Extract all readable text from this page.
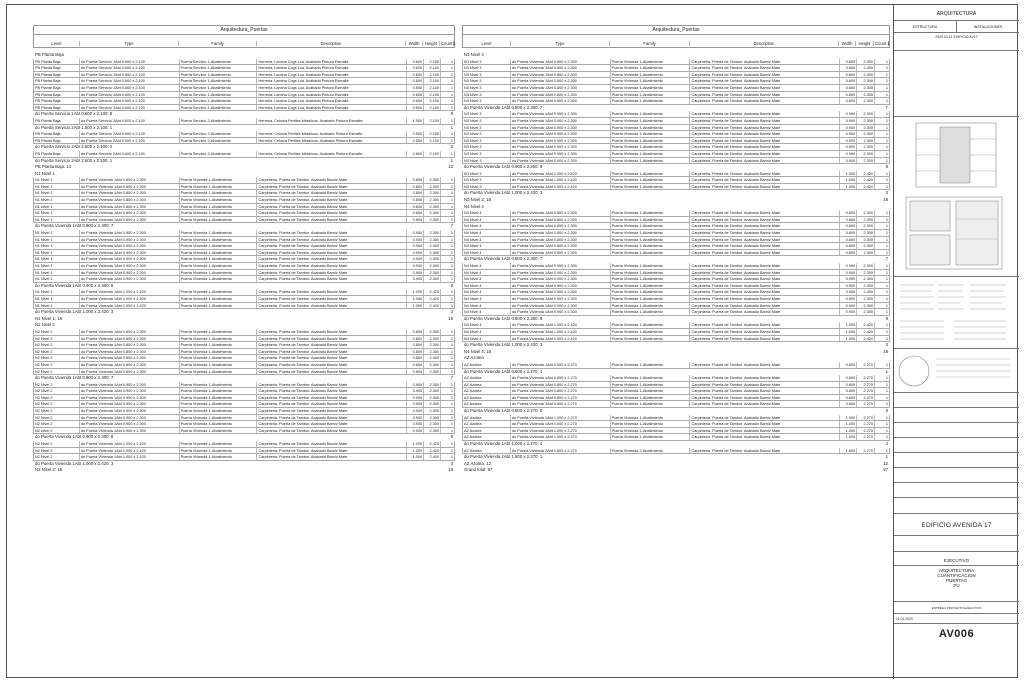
Arquitectura_Puertas
Level	Type	Family	Description	Width	Height Count 1
PB Planta Baja
PB Planta Baja	do Puerta Servicio 1Abt 0.600 x 2.100	Puerta Servicio 1-Abatimiento	Herreria. Lamina Cogs Lca. Acabado Pintura Esmalte	0.600	2.100	1
PB Planta Baja	do Puerta Servicio 1Abt 0.600 x 2.100	Puerta Servicio 1-Abatimiento	Herreria. Lamina Cogs Lca. Acabado Pintura Esmalte	0.600	2.100	1
PB Planta Baja	do Puerta Servicio 1Abt 0.600 x 2.100	Puerta Servicio 1-Abatimiento	Herreria. Lamina Cogs Lca. Acabado Pintura Esmalte	0.600	2.100	1
PB Planta Baja	do Puerta Servicio 1Abt 0.600 x 2.100	Puerta Servicio 1-Abatimiento	Herreria. Lamina Cogs Lca. Acabado Pintura Esmalte	0.600	2.100	1
PB Planta Baja	do Puerta Servicio 1Abt 0.600 x 2.100	Puerta Servicio 1-Abatimiento	Herreria. Lamina Cogs Lca. Acabado Pintura Esmalte	0.600	2.100	1
PB Planta Baja	do Puerta Servicio 1Abt 0.600 x 2.100	Puerta Servicio 1-Abatimiento	Herreria. Lamina Cogs Lca. Acabado Pintura Esmalte	0.600	2.100	1
PB Planta Baja	do Puerta Servicio 1Abt 0.600 x 2.100	Puerta Servicio 1-Abatimiento	Herreria. Lamina Cogs Lca. Acabado Pintura Esmalte	0.600	2.100	1
PB Planta Baja	do Puerta Servicio 1Abt 0.600 x 2.100	Puerta Servicio 1-Abatimiento	Herreria. Lamina Cogs Lca. Acabado Pintura Esmalte	0.600	2.100	1
do Puerta Servicio 1Abt 0.600 x 2.100: 8	8
PB Planta Baja	do Puerta Servicio 2Abt 0.600 x 2.100	Puerta Servicio 2-Abatimiento	Herreria. Celosia Perfiles Metalicos. Acabado Pintura Esmalte	1.500	2.100	1
do Puerta Servicio 2Abt 1.500 x 2.100: 1	1
PB Planta Baja	do Puerta Servicio 2Abt 0.600 x 2.100	Puerta Servicio 2-Abatimiento	Herreria. Celosia Perfiles Metalicos. Acabado Pintura Esmalte	2.500	2.100	1
PB Planta Baja	do Puerta Servicio 2Abt 0.600 x 2.100	Puerta Servicio 2-Abatimiento	Herreria. Celosia Perfiles Metalicos. Acabado Pintura Esmalte	2.500	2.100	1
do Puerta Servicio 2Abt 2.500 x 2.100: 2	2
PB Planta Baja	do Puerta Servicio 2Abt 0.600 x 2.100	Puerta Servicio 2-Abatimiento	Herreria. Celosia Perfiles Metalicos. Acabado Pintura Esmalte	2.600	2.100	1
do Puerta Servicio 2Abt 2.600 x 2.100: 1	1
PB Planta Baja: 13	13
N1 Nivel 1
N1 Nivel 1	do Puerta Vivienda 1Abt 0.800 x 2.300	Puerta Vivienda 1-Abatimiento	Carpinteria. Puerta de Tambor. Acabado Barniz Mate	0.800	2.300	1
N1 Nivel 1	do Puerta Vivienda 1Abt 0.800 x 2.300	Puerta Vivienda 1-Abatimiento	Carpinteria. Puerta de Tambor. Acabado Barniz Mate	0.800	2.300	1
N1 Nivel 1	do Puerta Vivienda 1Abt 0.800 x 2.300	Puerta Vivienda 1-Abatimiento	Carpinteria. Puerta de Tambor. Acabado Barniz Mate	0.800	2.300	1
N1 Nivel 1	do Puerta Vivienda 1Abt 0.800 x 2.300	Puerta Vivienda 1-Abatimiento	Carpinteria. Puerta de Tambor. Acabado Barniz Mate	0.800	2.300	1
N1 Nivel 1	do Puerta Vivienda 1Abt 0.800 x 2.300	Puerta Vivienda 1-Abatimiento	Carpinteria. Puerta de Tambor. Acabado Barniz Mate	0.800	2.300	1
N1 Nivel 1	do Puerta Vivienda 1Abt 0.800 x 2.300	Puerta Vivienda 1-Abatimiento	Carpinteria. Puerta de Tambor. Acabado Barniz Mate	0.800	2.300	1
N1 Nivel 1	do Puerta Vivienda 1Abt 0.800 x 2.300	Puerta Vivienda 1-Abatimiento	Carpinteria. Puerta de Tambor. Acabado Barniz Mate	0.800	2.300	1
do Puerta Vivienda 1Abt 0.800 x 2.300: 7	7
N1 Nivel 1	do Puerta Vivienda 1Abt 0.900 x 2.300	Puerta Vivienda 1-Abatimiento	Carpinteria. Puerta de Tambor. Acabado Barniz Mate	0.900	2.300	1
N1 Nivel 1	do Puerta Vivienda 1Abt 0.900 x 2.300	Puerta Vivienda 1-Abatimiento	Carpinteria. Puerta de Tambor. Acabado Barniz Mate	0.900	2.300	1
N1 Nivel 1	do Puerta Vivienda 1Abt 0.900 x 2.300	Puerta Vivienda 1-Abatimiento	Carpinteria. Puerta de Tambor. Acabado Barniz Mate	0.900	2.300	1
N1 Nivel 1	do Puerta Vivienda 1Abt 0.900 x 2.300	Puerta Vivienda 1-Abatimiento	Carpinteria. Puerta de Tambor. Acabado Barniz Mate	0.900	2.300	1
N1 Nivel 1	do Puerta Vivienda 1Abt 0.900 x 2.300	Puerta Vivienda 1-Abatimiento	Carpinteria. Puerta de Tambor. Acabado Barniz Mate	0.900	2.300	1
N1 Nivel 1	do Puerta Vivienda 1Abt 0.900 x 2.300	Puerta Vivienda 1-Abatimiento	Carpinteria. Puerta de Tambor. Acabado Barniz Mate	0.900	2.300	1
N1 Nivel 1	do Puerta Vivienda 1Abt 0.900 x 2.300	Puerta Vivienda 1-Abatimiento	Carpinteria. Puerta de Tambor. Acabado Barniz Mate	0.900	2.300	1
N1 Nivel 1	do Puerta Vivienda 1Abt 0.900 x 2.300	Puerta Vivienda 1-Abatimiento	Carpinteria. Puerta de Tambor. Acabado Barniz Mate	0.900	2.300	1
do Puerta Vivienda 1Abt 0.900 x 2.300: 8	8
N1 Nivel 1	do Puerta Vivienda 1Abt 1.000 x 2.420	Puerta Vivienda 1-Abatimiento	Carpinteria. Puerta de Tambor. Acabado Barniz Mate	1.000	2.420	1
N1 Nivel 1	do Puerta Vivienda 1Abt 1.000 x 2.420	Puerta Vivienda 1-Abatimiento	Carpinteria. Puerta de Tambor. Acabado Barniz Mate	1.000	2.420	1
N1 Nivel 1	do Puerta Vivienda 1Abt 1.000 x 2.420	Puerta Vivienda 1-Abatimiento	Carpinteria. Puerta de Tambor. Acabado Barniz Mate	1.000	2.420	1
do Puerta Vivienda 1Abt 1.000 x 2.420: 3	3
N1 Nivel 1: 18	18
N2 Nivel 2
N2 Nivel 2	do Puerta Vivienda 1Abt 0.800 x 2.300	Puerta Vivienda 1-Abatimiento	Carpinteria. Puerta de Tambor. Acabado Barniz Mate	0.800	2.300	1
N2 Nivel 2	do Puerta Vivienda 1Abt 0.800 x 2.300	Puerta Vivienda 1-Abatimiento	Carpinteria. Puerta de Tambor. Acabado Barniz Mate	0.800	2.300	1
N2 Nivel 2	do Puerta Vivienda 1Abt 0.800 x 2.300	Puerta Vivienda 1-Abatimiento	Carpinteria. Puerta de Tambor. Acabado Barniz Mate	0.800	2.300	1
N2 Nivel 2	do Puerta Vivienda 1Abt 0.800 x 2.300	Puerta Vivienda 1-Abatimiento	Carpinteria. Puerta de Tambor. Acabado Barniz Mate	0.800	2.300	1
N2 Nivel 2	do Puerta Vivienda 1Abt 0.800 x 2.300	Puerta Vivienda 1-Abatimiento	Carpinteria. Puerta de Tambor. Acabado Barniz Mate	0.800	2.300	1
N2 Nivel 2	do Puerta Vivienda 1Abt 0.800 x 2.300	Puerta Vivienda 1-Abatimiento	Carpinteria. Puerta de Tambor. Acabado Barniz Mate	0.800	2.300	1
N2 Nivel 2	do Puerta Vivienda 1Abt 0.800 x 2.300	Puerta Vivienda 1-Abatimiento	Carpinteria. Puerta de Tambor. Acabado Barniz Mate	0.800	2.300	1
do Puerta Vivienda 1Abt 0.800 x 2.300: 7	7
N2 Nivel 2	do Puerta Vivienda 1Abt 0.900 x 2.300	Puerta Vivienda 1-Abatimiento	Carpinteria. Puerta de Tambor. Acabado Barniz Mate	0.900	2.300	1
N2 Nivel 2	do Puerta Vivienda 1Abt 0.900 x 2.300	Puerta Vivienda 1-Abatimiento	Carpinteria. Puerta de Tambor. Acabado Barniz Mate	0.900	2.300	1
N2 Nivel 2	do Puerta Vivienda 1Abt 0.900 x 2.300	Puerta Vivienda 1-Abatimiento	Carpinteria. Puerta de Tambor. Acabado Barniz Mate	0.900	2.300	1
N2 Nivel 2	do Puerta Vivienda 1Abt 0.900 x 2.300	Puerta Vivienda 1-Abatimiento	Carpinteria. Puerta de Tambor. Acabado Barniz Mate	0.900	2.300	1
N2 Nivel 2	do Puerta Vivienda 1Abt 0.900 x 2.300	Puerta Vivienda 1-Abatimiento	Carpinteria. Puerta de Tambor. Acabado Barniz Mate	0.900	2.300	1
N2 Nivel 2	do Puerta Vivienda 1Abt 0.900 x 2.300	Puerta Vivienda 1-Abatimiento	Carpinteria. Puerta de Tambor. Acabado Barniz Mate	0.900	2.300	1
N2 Nivel 2	do Puerta Vivienda 1Abt 0.900 x 2.300	Puerta Vivienda 1-Abatimiento	Carpinteria. Puerta de Tambor. Acabado Barniz Mate	0.900	2.300	1
N2 Nivel 2	do Puerta Vivienda 1Abt 0.900 x 2.300	Puerta Vivienda 1-Abatimiento	Carpinteria. Puerta de Tambor. Acabado Barniz Mate	0.900	2.300	1
do Puerta Vivienda 1Abt 0.900 x 2.300: 8	8
N2 Nivel 2	do Puerta Vivienda 1Abt 1.000 x 2.420	Puerta Vivienda 1-Abatimiento	Carpinteria. Puerta de Tambor. Acabado Barniz Mate	1.000	2.420	1
N2 Nivel 2	do Puerta Vivienda 1Abt 1.000 x 2.420	Puerta Vivienda 1-Abatimiento	Carpinteria. Puerta de Tambor. Acabado Barniz Mate	1.000	2.420	1
N2 Nivel 2	do Puerta Vivienda 1Abt 1.000 x 2.420	Puerta Vivienda 1-Abatimiento	Carpinteria. Puerta de Tambor. Acabado Barniz Mate	1.000	2.420	1
do Puerta Vivienda 1Abt 1.000 x 2.420: 3	3
N2 Nivel 2: 18	18
Arquitectura_Puertas
Level	Type	Family	Description	Width	Height	Count 1
N3 Nivel 3
N3 Nivel 3	do Puerta Vivienda 1Abt 0.800 x 2.300	Puerta Vivienda 1-Abatimiento	Carpinteria. Puerta de Tambor. Acabado Barniz Mate	0.800	2.300	1
N3 Nivel 3	do Puerta Vivienda 1Abt 0.800 x 2.300	Puerta Vivienda 1-Abatimiento	Carpinteria. Puerta de Tambor. Acabado Barniz Mate	0.800	2.300	1
N3 Nivel 3	do Puerta Vivienda 1Abt 0.800 x 2.300	Puerta Vivienda 1-Abatimiento	Carpinteria. Puerta de Tambor. Acabado Barniz Mate	0.800	2.300	1
N3 Nivel 3	do Puerta Vivienda 1Abt 0.800 x 2.300	Puerta Vivienda 1-Abatimiento	Carpinteria. Puerta de Tambor. Acabado Barniz Mate	0.800	2.300	1
N3 Nivel 3	do Puerta Vivienda 1Abt 0.800 x 2.300	Puerta Vivienda 1-Abatimiento	Carpinteria. Puerta de Tambor. Acabado Barniz Mate	0.800	2.300	1
N3 Nivel 3	do Puerta Vivienda 1Abt 0.800 x 2.300	Puerta Vivienda 1-Abatimiento	Carpinteria. Puerta de Tambor. Acabado Barniz Mate	0.800	2.300	1
N3 Nivel 3	do Puerta Vivienda 1Abt 0.800 x 2.300	Puerta Vivienda 1-Abatimiento	Carpinteria. Puerta de Tambor. Acabado Barniz Mate	0.800	2.300	1
do Puerta Vivienda 1Abt 0.800 x 2.300: 7	7
N3 Nivel 3	do Puerta Vivienda 1Abt 0.900 x 2.300	Puerta Vivienda 1-Abatimiento	Carpinteria. Puerta de Tambor. Acabado Barniz Mate	0.900	2.300	1
N3 Nivel 3	do Puerta Vivienda 1Abt 0.900 x 2.300	Puerta Vivienda 1-Abatimiento	Carpinteria. Puerta de Tambor. Acabado Barniz Mate	0.900	2.300	1
N3 Nivel 3	do Puerta Vivienda 1Abt 0.900 x 2.300	Puerta Vivienda 1-Abatimiento	Carpinteria. Puerta de Tambor. Acabado Barniz Mate	0.900	2.300	1
N3 Nivel 3	do Puerta Vivienda 1Abt 0.900 x 2.300	Puerta Vivienda 1-Abatimiento	Carpinteria. Puerta de Tambor. Acabado Barniz Mate	0.900	2.300	1
N3 Nivel 3	do Puerta Vivienda 1Abt 0.900 x 2.300	Puerta Vivienda 1-Abatimiento	Carpinteria. Puerta de Tambor. Acabado Barniz Mate	0.900	2.300	1
N3 Nivel 3	do Puerta Vivienda 1Abt 0.900 x 2.300	Puerta Vivienda 1-Abatimiento	Carpinteria. Puerta de Tambor. Acabado Barniz Mate	0.900	2.300	1
N3 Nivel 3	do Puerta Vivienda 1Abt 0.900 x 2.300	Puerta Vivienda 1-Abatimiento	Carpinteria. Puerta de Tambor. Acabado Barniz Mate	0.900	2.300	1
N3 Nivel 3	do Puerta Vivienda 1Abt 0.900 x 2.300	Puerta Vivienda 1-Abatimiento	Carpinteria. Puerta de Tambor. Acabado Barniz Mate	0.900	2.300	1
do Puerta Vivienda 1Abt 0.900 x 2.300: 8	8
N3 Nivel 3	do Puerta Vivienda 1Abt 1.000 x 2.420	Puerta Vivienda 1-Abatimiento	Carpinteria. Puerta de Tambor. Acabado Barniz Mate	1.000	2.420	1
N3 Nivel 3	do Puerta Vivienda 1Abt 1.000 x 2.420	Puerta Vivienda 1-Abatimiento	Carpinteria. Puerta de Tambor. Acabado Barniz Mate	1.000	2.420	1
N3 Nivel 3	do Puerta Vivienda 1Abt 1.000 x 2.420	Puerta Vivienda 1-Abatimiento	Carpinteria. Puerta de Tambor. Acabado Barniz Mate	1.000	2.420	1
do Puerta Vivienda 1Abt 1.000 x 2.420: 3	3
N3 Nivel 3: 18	18
N4 Nivel 4
N4 Nivel 4	do Puerta Vivienda 1Abt 0.800 x 2.300	Puerta Vivienda 1-Abatimiento	Carpinteria. Puerta de Tambor. Acabado Barniz Mate	0.800	2.300	1
N4 Nivel 4	do Puerta Vivienda 1Abt 0.800 x 2.300	Puerta Vivienda 1-Abatimiento	Carpinteria. Puerta de Tambor. Acabado Barniz Mate	0.800	2.300	1
N4 Nivel 4	do Puerta Vivienda 1Abt 0.800 x 2.300	Puerta Vivienda 1-Abatimiento	Carpinteria. Puerta de Tambor. Acabado Barniz Mate	0.800	2.300	1
N4 Nivel 4	do Puerta Vivienda 1Abt 0.800 x 2.300	Puerta Vivienda 1-Abatimiento	Carpinteria. Puerta de Tambor. Acabado Barniz Mate	0.800	2.300	1
N4 Nivel 4	do Puerta Vivienda 1Abt 0.800 x 2.300	Puerta Vivienda 1-Abatimiento	Carpinteria. Puerta de Tambor. Acabado Barniz Mate	0.800	2.300	1
N4 Nivel 4	do Puerta Vivienda 1Abt 0.800 x 2.300	Puerta Vivienda 1-Abatimiento	Carpinteria. Puerta de Tambor. Acabado Barniz Mate	0.800	2.300	1
N4 Nivel 4	do Puerta Vivienda 1Abt 0.800 x 2.300	Puerta Vivienda 1-Abatimiento	Carpinteria. Puerta de Tambor. Acabado Barniz Mate	0.800	2.300	1
do Puerta Vivienda 1Abt 0.800 x 2.300: 7	7
N4 Nivel 4	do Puerta Vivienda 1Abt 0.900 x 2.300	Puerta Vivienda 1-Abatimiento	Carpinteria. Puerta de Tambor. Acabado Barniz Mate	0.900	2.300	1
N4 Nivel 4	do Puerta Vivienda 1Abt 0.900 x 2.300	Puerta Vivienda 1-Abatimiento	Carpinteria. Puerta de Tambor. Acabado Barniz Mate	0.900	2.300	1
N4 Nivel 4	do Puerta Vivienda 1Abt 0.900 x 2.300	Puerta Vivienda 1-Abatimiento	Carpinteria. Puerta de Tambor. Acabado Barniz Mate	0.900	2.300	1
N4 Nivel 4	do Puerta Vivienda 1Abt 0.900 x 2.300	Puerta Vivienda 1-Abatimiento	Carpinteria. Puerta de Tambor. Acabado Barniz Mate	0.900	2.300	1
N4 Nivel 4	do Puerta Vivienda 1Abt 0.900 x 2.300	Puerta Vivienda 1-Abatimiento	Carpinteria. Puerta de Tambor. Acabado Barniz Mate	0.900	2.300	1
N4 Nivel 4	do Puerta Vivienda 1Abt 0.900 x 2.300	Puerta Vivienda 1-Abatimiento	Carpinteria. Puerta de Tambor. Acabado Barniz Mate	0.900	2.300	1
N4 Nivel 4	do Puerta Vivienda 1Abt 0.900 x 2.300	Puerta Vivienda 1-Abatimiento	Carpinteria. Puerta de Tambor. Acabado Barniz Mate	0.900	2.300	1
N4 Nivel 4	do Puerta Vivienda 1Abt 0.900 x 2.300	Puerta Vivienda 1-Abatimiento	Carpinteria. Puerta de Tambor. Acabado Barniz Mate	0.900	2.300	1
do Puerta Vivienda 1Abt 0.900 x 2.300: 8	8
N4 Nivel 4	do Puerta Vivienda 1Abt 1.000 x 2.420	Puerta Vivienda 1-Abatimiento	Carpinteria. Puerta de Tambor. Acabado Barniz Mate	1.000	2.420	1
N4 Nivel 4	do Puerta Vivienda 1Abt 1.000 x 2.420	Puerta Vivienda 1-Abatimiento	Carpinteria. Puerta de Tambor. Acabado Barniz Mate	1.000	2.420	1
N4 Nivel 4	do Puerta Vivienda 1Abt 1.000 x 2.420	Puerta Vivienda 1-Abatimiento	Carpinteria. Puerta de Tambor. Acabado Barniz Mate	1.000	2.420	1
do Puerta Vivienda 1Abt 1.000 x 2.420: 3	3
N4 Nivel 4: 18	18
AZ Azotea
AZ Azotea	do Puerta Vivienda 1Abt 0.600 x 2.270	Puerta Vivienda 1-Abatimiento	Carpinteria. Puerta de Tambor. Acabado Barniz Mate	0.600	2.270	1
do Puerta Vivienda 1Abt 0.600 x 2.270: 1	1
AZ Azotea	do Puerta Vivienda 1Abt 0.800 x 2.270	Puerta Vivienda 1-Abatimiento	Carpinteria. Puerta de Tambor. Acabado Barniz Mate	0.800	2.270	1
AZ Azotea	do Puerta Vivienda 1Abt 0.800 x 2.270	Puerta Vivienda 1-Abatimiento	Carpinteria. Puerta de Tambor. Acabado Barniz Mate	0.800	2.270	1
AZ Azotea	do Puerta Vivienda 1Abt 0.800 x 2.270	Puerta Vivienda 1-Abatimiento	Carpinteria. Puerta de Tambor. Acabado Barniz Mate	0.800	2.270	1
AZ Azotea	do Puerta Vivienda 1Abt 0.800 x 2.270	Puerta Vivienda 1-Abatimiento	Carpinteria. Puerta de Tambor. Acabado Barniz Mate	0.800	2.270	1
AZ Azotea	do Puerta Vivienda 1Abt 0.800 x 2.270	Puerta Vivienda 1-Abatimiento	Carpinteria. Puerta de Tambor. Acabado Barniz Mate	0.800	2.270	1
do Puerta Vivienda 1Abt 0.800 x 2.270: 5	5
AZ Azotea	do Puerta Vivienda 1Abt 1.000 x 2.270	Puerta Vivienda 1-Abatimiento	Carpinteria. Puerta de Tambor. Acabado Barniz Mate	1.000	2.270	1
AZ Azotea	do Puerta Vivienda 1Abt 1.000 x 2.270	Puerta Vivienda 1-Abatimiento	Carpinteria. Puerta de Tambor. Acabado Barniz Mate	1.000	2.270	1
AZ Azotea	do Puerta Vivienda 1Abt 1.000 x 2.270	Puerta Vivienda 1-Abatimiento	Carpinteria. Puerta de Tambor. Acabado Barniz Mate	1.000	2.270	1
AZ Azotea	do Puerta Vivienda 1Abt 1.000 x 2.270	Puerta Vivienda 1-Abatimiento	Carpinteria. Puerta de Tambor. Acabado Barniz Mate	1.000	2.270	1
do Puerta Vivienda 1Abt 1.000 x 2.270: 4	4
AZ Azotea	do Puerta Vivienda 2Abt 1.600 x 2.270	Puerta Vivienda 2-Abatimiento	Carpinteria. Puerta de Tambor. Acabado Barniz Mate	1.600	2.270	1
do Puerta Vivienda 2Abt 1.600 x 2.270: 1	1
AZ Azotea: 12	12
Grand total: 97	97
ARQUITECTURA
ESTRUCTURA	INSTALACIONES
2020.01.11 EDIFICIO AV17

EDIFICIO AVENIDA 17
EJECUTIVO
ARQUITECTURA
CUANTIFICACION
PUERTAS
PU
ENTREGA PROYECTO EJECUTIVO
11.01.2020
AV006
